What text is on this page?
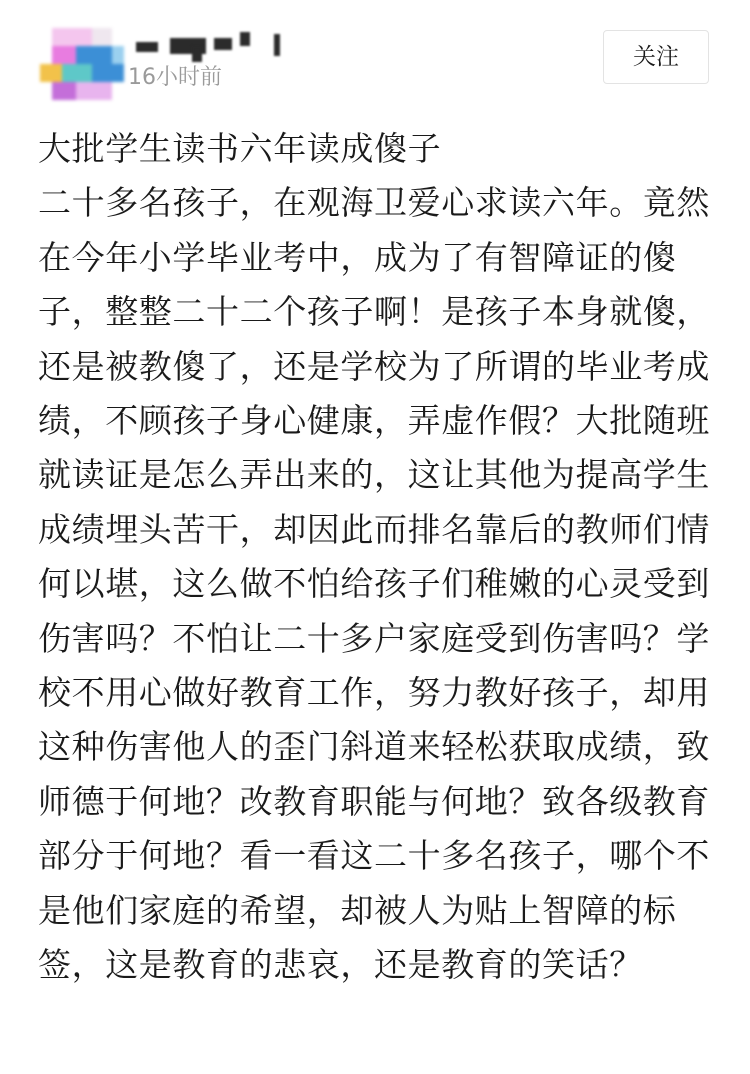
16小时前
关注
大批学生读书六年读成傻子
二十多名孩子，在观海卫爱心求读六年。竟然在今年小学毕业考中，成为了有智障证的傻子，整整二十二个孩子啊！是孩子本身就傻，还是被教傻了，还是学校为了所谓的毕业考成绩，不顾孩子身心健康，弄虚作假？大批随班就读证是怎么弄出来的，这让其他为提高学生成绩埋头苦干，却因此而排名靠后的教师们情何以堪，这么做不怕给孩子们稚嫩的心灵受到伤害吗？不怕让二十多户家庭受到伤害吗？学校不用心做好教育工作，努力教好孩子，却用这种伤害他人的歪门斜道来轻松获取成绩，致师德于何地？改教育职能与何地？致各级教育部分于何地？看一看这二十多名孩子，哪个不是他们家庭的希望，却被人为贴上智障的标签，这是教育的悲哀，还是教育的笑话？
